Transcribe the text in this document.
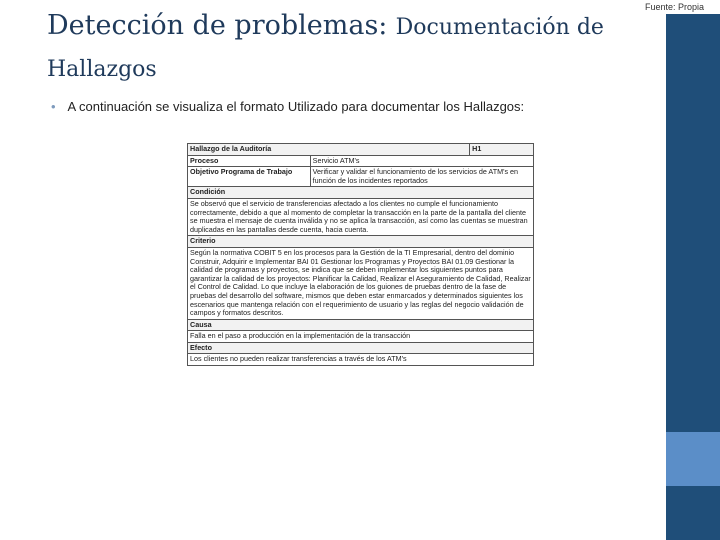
Fuente: Propia
Detección de problemas: Documentación de Hallazgos
• A continuación se visualiza el formato Utilizado para documentar los Hallazgos:
Hallazgo de la Auditoría		H1
Proceso	Servicio ATM's	
Objetivo Programa de Trabajo	Verificar y validar el funcionamiento de los servicios de ATM's en función de los incidentes reportados	
Condición		
Se observó que el servicio de transferencias afectado a los clientes no cumple el funcionamiento correctamente, debido a que al momento de completar la transacción en la parte de la pantalla del cliente se muestra el mensaje de cuenta inválida y no se aplica la transacción, así como las cuentas se muestran duplicadas en las pantallas desde cuenta, hacia cuenta.		
Criterio		
Según la normativa COBIT 5 en los procesos para la Gestión de la TI Empresarial, dentro del dominio Construir, Adquirir e Implementar BAI 01 Gestionar los Programas y Proyectos BAI 01.09 Gestionar la calidad de programas y proyectos, se indica que se deben implementar los siguientes puntos para garantizar la calidad de los proyectos: Planificar la Calidad, Realizar el Aseguramiento de Calidad, Realizar el Control de Calidad. Lo que incluye la elaboración de los guiones de pruebas dentro de la fase de pruebas del desarrollo del software, mismos que deben estar enmarcados y determinados siguientes los escenarios que mantenga relación con el requerimiento de usuario y las reglas del negocio validación de campos y formatos descritos.		
Causa		
Falla en el paso a producción en la implementación de la transacción		
Efecto		
Los clientes no pueden realizar transferencias a través de los ATM's		
